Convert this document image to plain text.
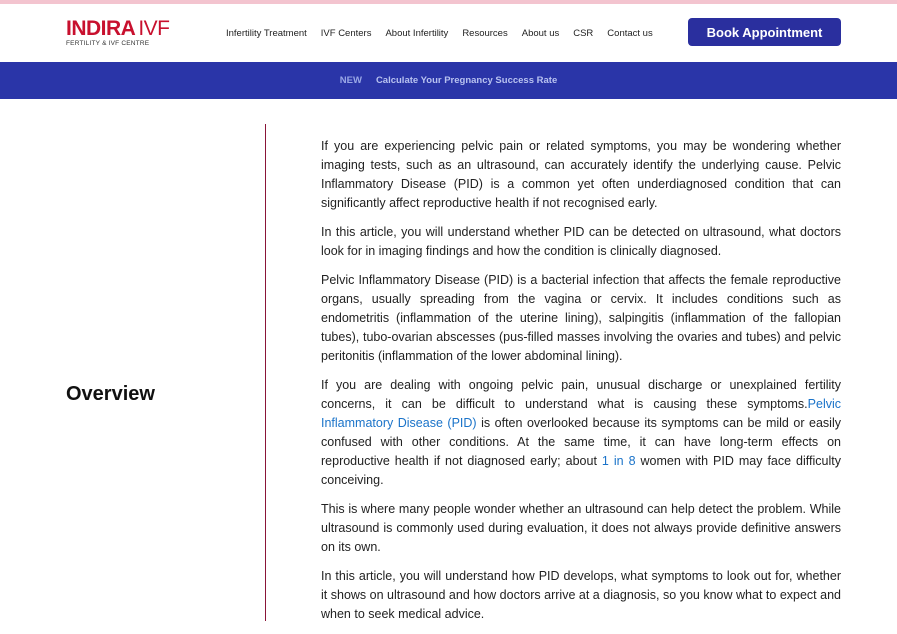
INDIRA IVF
FERTILITY & IVF CENTRE
Infertility Treatment IVF Centers About Infertility Resources About us CSR Contact us	Book Appointment
NEW Calculate Your Pregnancy Success Rate
Overview

If you are experiencing pelvic pain or related symptoms, you may be wondering whether imaging tests, such as an ultrasound, can accurately identify the underlying cause. Pelvic Inflammatory Disease (PID) is a common yet often underdiagnosed condition that can significantly affect reproductive health if not recognised early.

In this article, you will understand whether PID can be detected on ultrasound, what doctors look for in imaging findings and how the condition is clinically diagnosed.

Pelvic Inflammatory Disease (PID) is a bacterial infection that affects the female reproductive organs, usually spreading from the vagina or cervix. It includes conditions such as endometritis (inflammation of the uterine lining), salpingitis (inflammation of the fallopian tubes), tubo-ovarian abscesses (pus-filled masses involving the ovaries and tubes) and pelvic peritonitis (inflammation of the lower abdominal lining).

If you are dealing with ongoing pelvic pain, unusual discharge or unexplained fertility concerns, it can be difficult to understand what is causing these symptoms.Pelvic Inflammatory Disease (PID) is often overlooked because its symptoms can be mild or easily confused with other conditions. At the same time, it can have long-term effects on reproductive health if not diagnosed early; about 1 in 8 women with PID may face difficulty conceiving.

This is where many people wonder whether an ultrasound can help detect the problem. While ultrasound is commonly used during evaluation, it does not always provide definitive answers on its own.

In this article, you will understand how PID develops, what symptoms to look out for, whether it shows on ultrasound and how doctors arrive at a diagnosis, so you know what to expect and when to seek medical advice.
